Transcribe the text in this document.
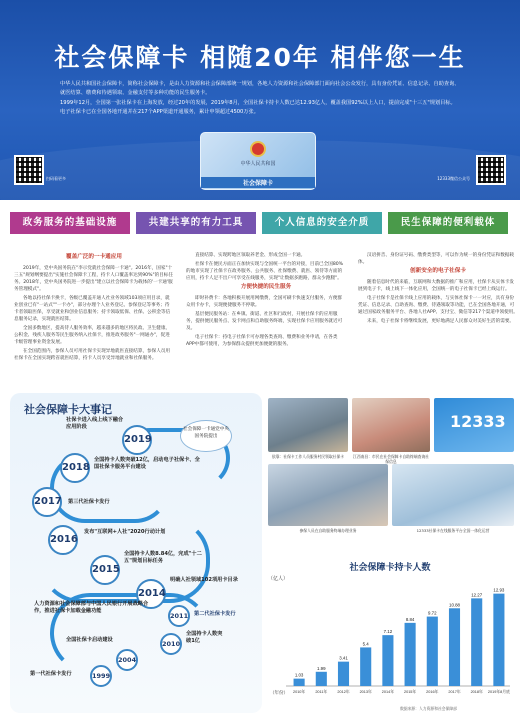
社会保障卡 相随20年 相伴您一生

中华人民共和国社会保障卡，简称社会保障卡，是由人力资源和社会保障部统一规划，各地人力资源和社会保障部门面向社会公众发行，具有身份凭证、信息记录、自助查询、就医结算、缴费和待遇领取、金融支付等多种功能的民生服务卡。

1999年12月，全国第一张社保卡在上海发放，经过20年的发展，2019年8月，全国社保卡持卡人数已达12.93亿人，覆盖我国92%以上人口，提前完成"十三五"规划目标。电子社保卡已在全国各地开通并在217个APP渠道开通服务，累计申领超过4500万张。

中华人民共和国
社会保障卡
扫码看更多	12333微信公众号
政务服务的基础设施	共建共享的有力工具	个人信息的安全介质	民生保障的便利载体
覆盖广泛的一卡通应用

2019年，党中央国务院在"李示党就社会保障一卡通"。2016年，国家"十三五"规划纲要提出"实施社会保障卡工程，持卡人口覆盖率达到90%"的目标任务。2018年，党中央国务院进一步提出"建立以社会保障卡为载体的'一卡通'服务管理模式"。

各地以持社保卡换卡，各级已覆盖开通人社业务领域103项应用目录，就业创业已有"一站式""一卡办"，部分办理个人业务登记、参保登记等事务；待卡者领取医保，享受就业和创业信息服务；持卡领取低保、社保、公积金等信息服务记录，实现就医结算。

全国多数地区，提高待人服务效率，越来越多的地区将民政、卫生健康、公积金、残疾人服务等民生服务纳入社保卡，推进政务服务"一网通办"，促进卡级管理事业资金发展。

在全国范围内，参保人员可用社保卡实现异地就医直接结算，参保人员用社保卡在全国实现跨省就医结算，持卡人员享受异地就业和社保服务。

直接结算、实现跨地区领取养老金、形成全国一卡通。

社保卡在便民方面正在加快实现与全国统一平台的对接，目前已全国80%的地市实现了社保卡在政务服务、公共服务、社保缴费、就医、领待等方面的应用，持卡人足不出户可享受在线服务，实现"让数据多跑路，群众少跑腿"。

方便快捷的民生服务

即时补费卡：各地积极开展用网缴费，全国可刷卡快速支付服务，方便群众用卡办卡，实现便捷服务不停歇。

基层便民服务站：在乡镇、街道、社区和行政村，开展社保卡的应用服务，提供便民服务点、发卡网点和自助服务终端，实现社保卡应用服务就近可及。

电子社保卡：持电子社保卡可办理各类查询、缴费和业务申请，在各类APP中都可使用，为参保群众提供更加便捷的服务。

汉语拼音、身份证号码、缴费类型等，可以作为统一的身份凭证和数据载体。

创新安全的电子社保卡

随着信息时代的来临，互联网和大数据的推广和应用，社保卡从实体卡发展到电子卡，线上线下一体化应用，全国统一的电子社保卡已经上线运行。

电子社保卡是社保卡线上应用的载体，与实体社保卡一一对应，具有身份凭证、信息记录、自助查询、缴费、待遇领取等功能，已在全国各地开通，可通过国家政务服务平台、各地人社APP、支付宝、微信等217个渠道申领使用。

未来，电子社保卡将继续发展，更好地满足人民群众对美好生活的需要。

社会保障卡大事记
社会保障一卡通党中央国务院提出
2019
社保卡进入线上线下融合应用阶段
2018
全国持卡人数突破12亿，启动电子社保卡、全国社保卡服务平台建设
2017 第三代社保卡发行
2016
发布"互联网+人社"2020行动计划
2015
全国持卡人数8.84亿，完成"十二五"规划目标任务
2014
明确人社领域102项用卡目录
人力资源和社会保障部与中国人民银行开展战略合作，推进社保卡加载金融功能
2011	第二代社保卡发行
2010
全国持卡人数突破1亿
全国社保卡启动建设
2004
第一代社保卡发行	1999
依靠：社保卡工作人员服务村民领取社保卡	江西南昌：市民在社会保障卡自助终端查询社保信息
12333
参保人员在自助服务终端办理业务	12333社保卡在线服务平台全国一体化运营
社会保障卡持卡人数
（亿人）
（年份）
1.03
2010年
1.99
2011年
3.41
2012年
5.4
2013年
7.12
2014年
8.84
2015年
9.72
2016年
10.88
2017年
12.27
2018年
12.93
2019年8月底
数据来源：人力资源和社会保障部
